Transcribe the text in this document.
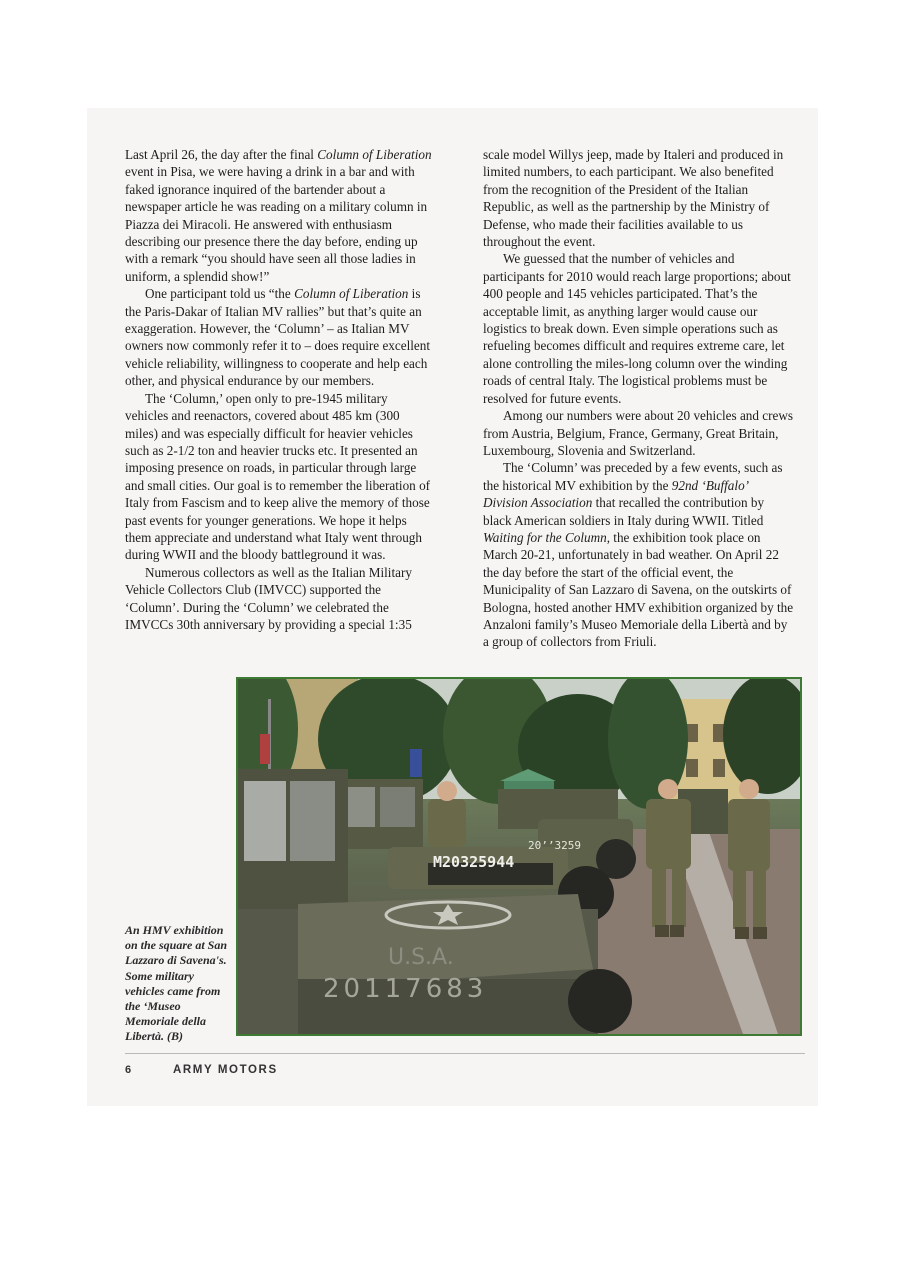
Last April 26, the day after the final Column of Liberation event in Pisa, we were having a drink in a bar and with faked ignorance inquired of the bartender about a newspaper article he was reading on a military column in Piazza dei Miracoli. He answered with enthusiasm describing our presence there the day before, ending up with a remark “you should have seen all those ladies in uniform, a splendid show!”

One participant told us “the Column of Liberation is the Paris-Dakar of Italian MV rallies” but that’s quite an exaggeration. However, the ‘Column’ – as Italian MV owners now commonly refer it to – does require excellent vehicle reliability, willingness to cooperate and help each other, and physical endurance by our members.

The ‘Column,’ open only to pre-1945 military vehicles and reenactors, covered about 485 km (300 miles) and was especially difficult for heavier vehicles such as 2-1/2 ton and heavier trucks etc. It presented an imposing presence on roads, in particular through large and small cities. Our goal is to remember the liberation of Italy from Fascism and to keep alive the memory of those past events for younger generations. We hope it helps them appreciate and understand what Italy went through during WWII and the bloody battleground it was.

Numerous collectors as well as the Italian Military Vehicle Collectors Club (IMVCC) supported the ‘Column’. During the ‘Column’ we celebrated the IMVCCs 30th anniversary by providing a special 1:35

scale model Willys jeep, made by Italeri and produced in limited numbers, to each participant. We also benefited from the recognition of the President of the Italian Republic, as well as the partnership by the Ministry of Defense, who made their facilities available to us throughout the event.

We guessed that the number of vehicles and participants for 2010 would reach large proportions; about 400 people and 145 vehicles participated. That’s the acceptable limit, as anything larger would cause our logistics to break down. Even simple operations such as refueling becomes difficult and requires extreme care, let alone controlling the miles-long column over the winding roads of central Italy. The logistical problems must be resolved for future events.

Among our numbers were about 20 vehicles and crews from Austria, Belgium, France, Germany, Great Britain, Luxembourg, Slovenia and Switzerland.

The ‘Column’ was preceded by a few events, such as the historical MV exhibition by the 92nd ‘Buffalo’ Division Association that recalled the contribution by black American soldiers in Italy during WWII. Titled Waiting for the Column, the exhibition took place on March 20-21, unfortunately in bad weather. On April 22 the day before the start of the official event, the Municipality of San Lazzaro di Savena, on the outskirts of Bologna, hosted another HMV exhibition organized by the Anzaloni family’s Museo Memoriale della Libertà and by a group of collectors from Friuli.

M20325944
20’’3259
U.S.A.
20117683
An HMV exhibition on the square at San Lazzaro di Savena's. Some military vehicles came from the ‘Museo Memoriale della Libertà. (B)
6	ARMY MOTORS
